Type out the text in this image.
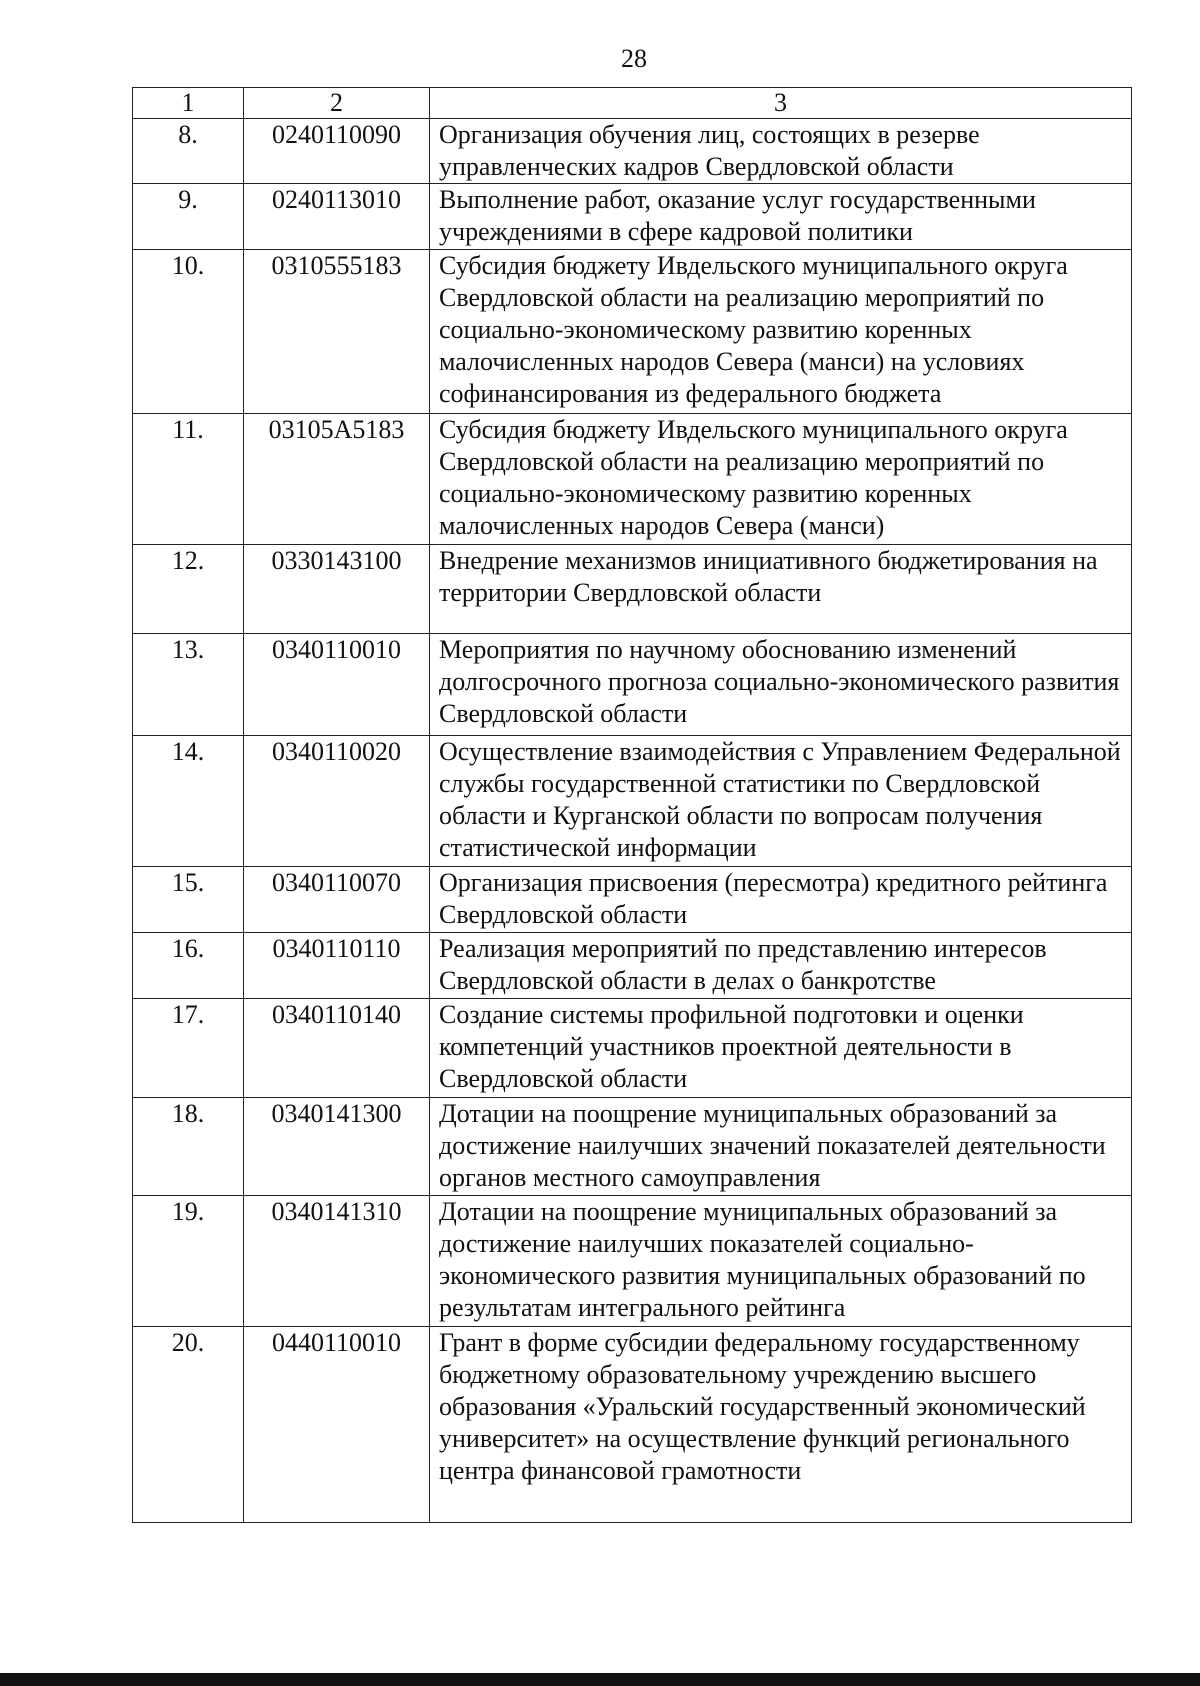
28
1	2	3
8.	0240110090	Организация обучения лиц, состоящих в резерве управленческих кадров Свердловской области
9.	0240113010	Выполнение работ, оказание услуг государственными учреждениями в сфере кадровой политики
10.	0310555183	Субсидия бюджету Ивдельского муниципального округа Свердловской области на реализацию мероприятий по социально-экономическому развитию коренных малочисленных народов Севера (манси) на условиях софинансирования из федерального бюджета
11.	03105A5183	Субсидия бюджету Ивдельского муниципального округа Свердловской области на реализацию мероприятий по социально-экономическому развитию коренных малочисленных народов Севера (манси)
12.	0330143100	Внедрение механизмов инициативного бюджетирования на территории Свердловской области
13.	0340110010	Мероприятия по научному обоснованию изменений долгосрочного прогноза социально-экономического развития Свердловской области
14.	0340110020	Осуществление взаимодействия с Управлением Федеральной службы государственной статистики по Свердловской области и Курганской области по вопросам получения статистической информации
15.	0340110070	Организация присвоения (пересмотра) кредитного рейтинга Свердловской области
16.	0340110110	Реализация мероприятий по представлению интересов Свердловской области в делах о банкротстве
17.	0340110140	Создание системы профильной подготовки и оценки компетенций участников проектной деятельности в Свердловской области
18.	0340141300	Дотации на поощрение муниципальных образований за достижение наилучших значений показателей деятельности органов местного самоуправления
19.	0340141310	Дотации на поощрение муниципальных образований за достижение наилучших показателей социально-экономического развития муниципальных образований по результатам интегрального рейтинга
20.	0440110010	Грант в форме субсидии федеральному государственному бюджетному образовательному учреждению высшего образования «Уральский государственный экономический университет» на осуществление функций регионального центра финансовой грамотности
